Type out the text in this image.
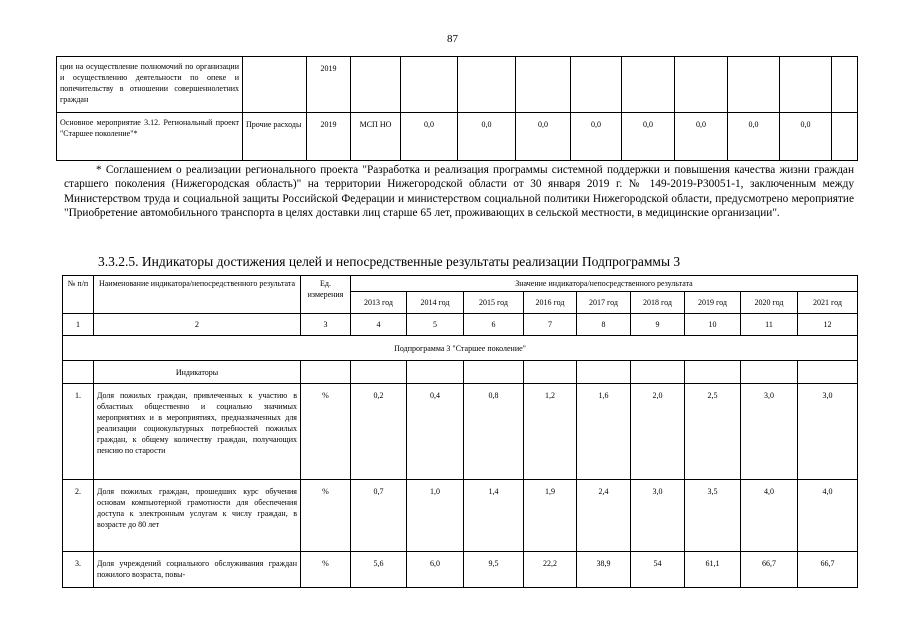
87
ции на осуществление полномочий по организации и осуществлению деятельности по опеке и попечительству в отношении совершеннолетних граждан		2019										
Основное мероприятие 3.12. Региональный проект "Старшее поколение"*	Прочие расходы	2019	МСП НО	0,0	0,0	0,0	0,0	0,0	0,0	0,0	0,0	

* Соглашением о реализации регионального проекта "Разработка и реализация программы системной поддержки и повышения качества жизни граждан старшего поколения (Нижегородская область)" на территории Нижегородской области от 30 января 2019 г. № 149-2019-Р30051-1, заключенным между Министерством труда и социальной защиты Российской Федерации и министерством социальной политики Нижегородской области, предусмотрено мероприятие "Приобретение автомобильного транспорта в целях доставки лиц старше 65 лет, проживающих в сельской местности, в медицинские организации".

3.3.2.5. Индикаторы достижения целей и непосредственные результаты реализации Подпрограммы 3
№ п/п	Наименование индикатора/непосредственного результата	Ед. измерения	Значение индикатора/непосредственного результата								
			2013 год	2014 год	2015 год	2016 год	2017 год	2018 год	2019 год	2020 год	2021 год
1	2	3	4	5	6	7	8	9	10	11	12
Подпрограмма 3 "Старшее поколение"											
	Индикаторы										
1.	Доля пожилых граждан, привлеченных к участию в областных общественно и социально значимых мероприятиях и в мероприятиях, предназначенных для реализации социокультурных потребностей пожилых граждан, к общему количеству граждан, получающих пенсию по старости	%	0,2	0,4	0,8	1,2	1,6	2,0	2,5	3,0	3,0
2.	Доля пожилых граждан, прошедших курс обучения основам компьютерной грамотности для обеспечения доступа к электронным услугам к числу граждан, в возрасте до 80 лет	%	0,7	1,0	1,4	1,9	2,4	3,0	3,5	4,0	4,0
3.	Доля учреждений социального обслуживания граждан пожилого возраста, повы-	%	5,6	6,0	9,5	22,2	38,9	54	61,1	66,7	66,7
